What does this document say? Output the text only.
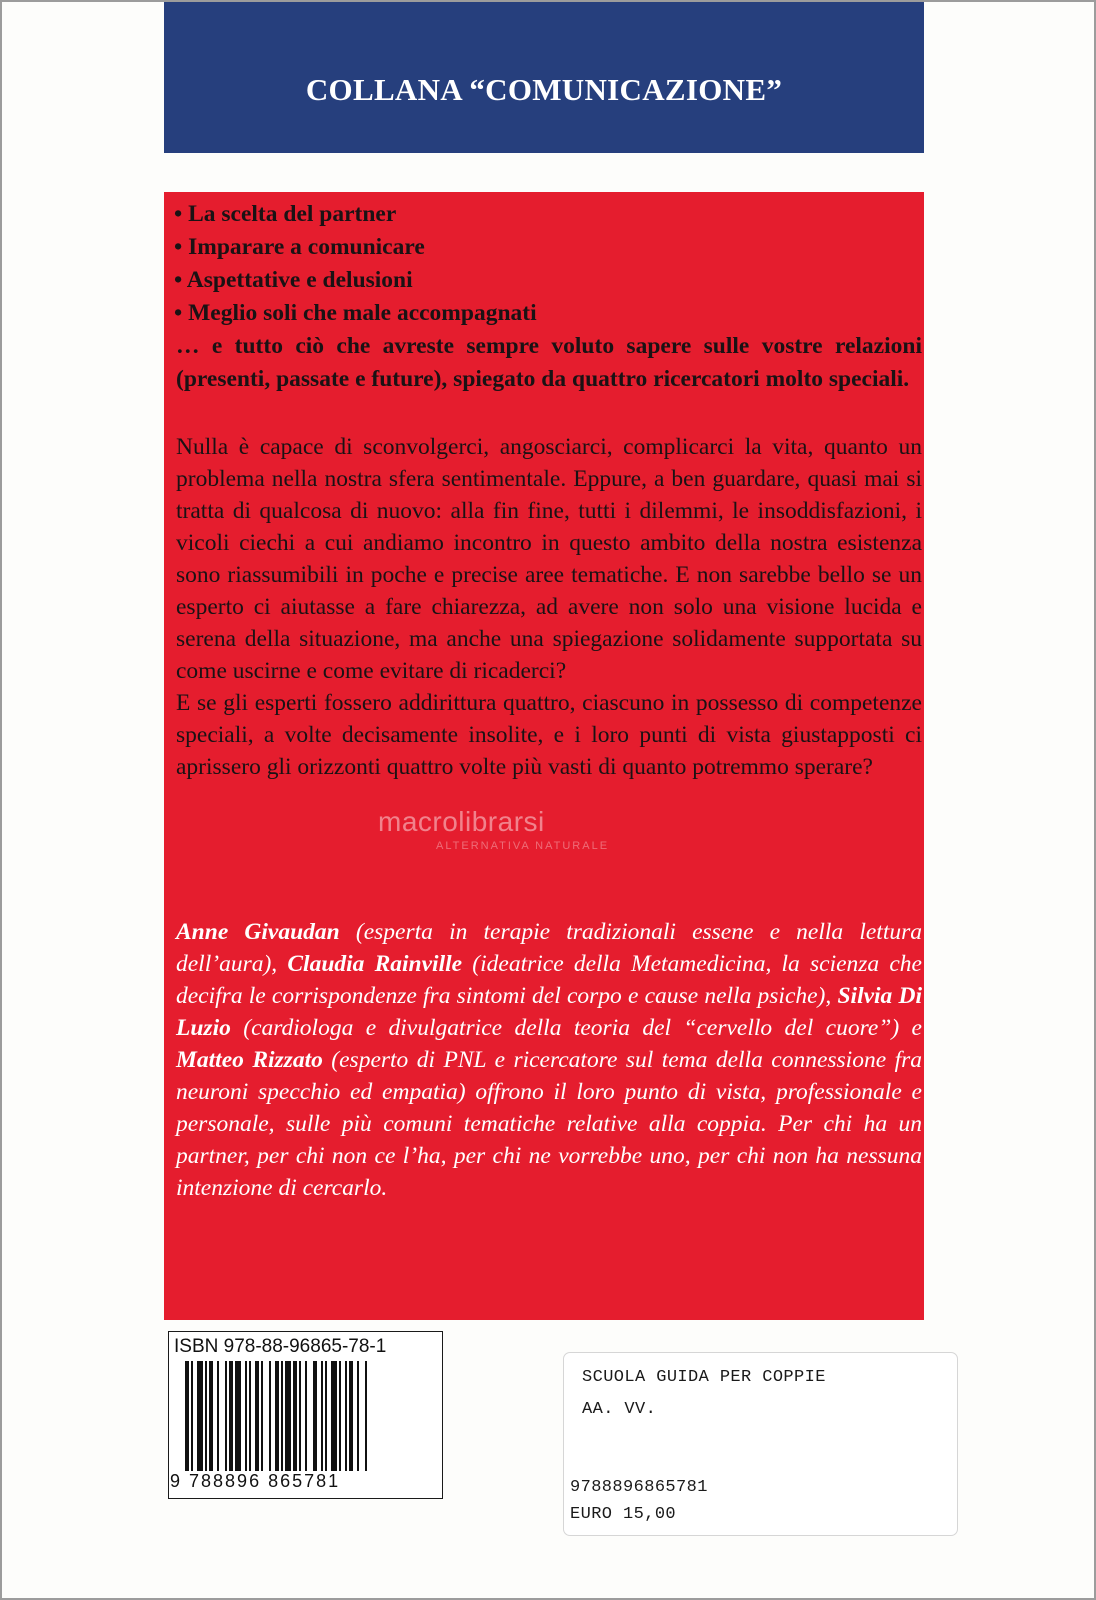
COLLANA “COMUNICAZIONE”
• La scelta del partner
• Imparare a comunicare
• Aspettative e delusioni
• Meglio soli che male accompagnati
… e tutto ciò che avreste sempre voluto sapere sulle vostre relazioni (presenti, passate e future), spiegato da quattro ricercatori molto speciali.

Nulla è capace di sconvolgerci, angosciarci, complicarci la vita, quanto un problema nella nostra sfera sentimentale. Eppure, a ben guardare, quasi mai si tratta di qualcosa di nuovo: alla fin fine, tutti i dilemmi, le insoddisfazioni, i vicoli ciechi a cui andiamo incontro in questo ambito della nostra esistenza sono riassumibili in poche e precise aree tematiche. E non sarebbe bello se un esperto ci aiutasse a fare chiarezza, ad avere non solo una visione lucida e serena della situazione, ma anche una spiegazione solidamente supportata su come uscirne e come evitare di ricaderci?

E se gli esperti fossero addirittura quattro, ciascuno in possesso di competenze speciali, a volte decisamente insolite, e i loro punti di vista giustapposti ci aprissero gli orizzonti quattro volte più vasti di quanto potremmo sperare?

macrolibrarsi
ALTERNATIVA NATURALE
Anne Givaudan (esperta in terapie tradizionali essene e nella lettura dell’aura), Claudia Rainville (ideatrice della Metamedicina, la scienza che decifra le corrispondenze fra sintomi del corpo e cause nella psiche), Silvia Di Luzio (cardiologa e divulgatrice della teoria del “cervello del cuore”) e Matteo Rizzato (esperto di PNL e ricercatore sul tema della connessione fra neuroni specchio ed empatia) offrono il loro punto di vista, professionale e personale, sulle più comuni tematiche relative alla coppia. Per chi ha un partner, per chi non ce l’ha, per chi ne vorrebbe uno, per chi non ha nessuna intenzione di cercarlo.
ISBN 978-88-96865-78-1
9 788896 865781
SCUOLA GUIDA PER COPPIE
AA. VV.
9788896865781
EURO 15,00
